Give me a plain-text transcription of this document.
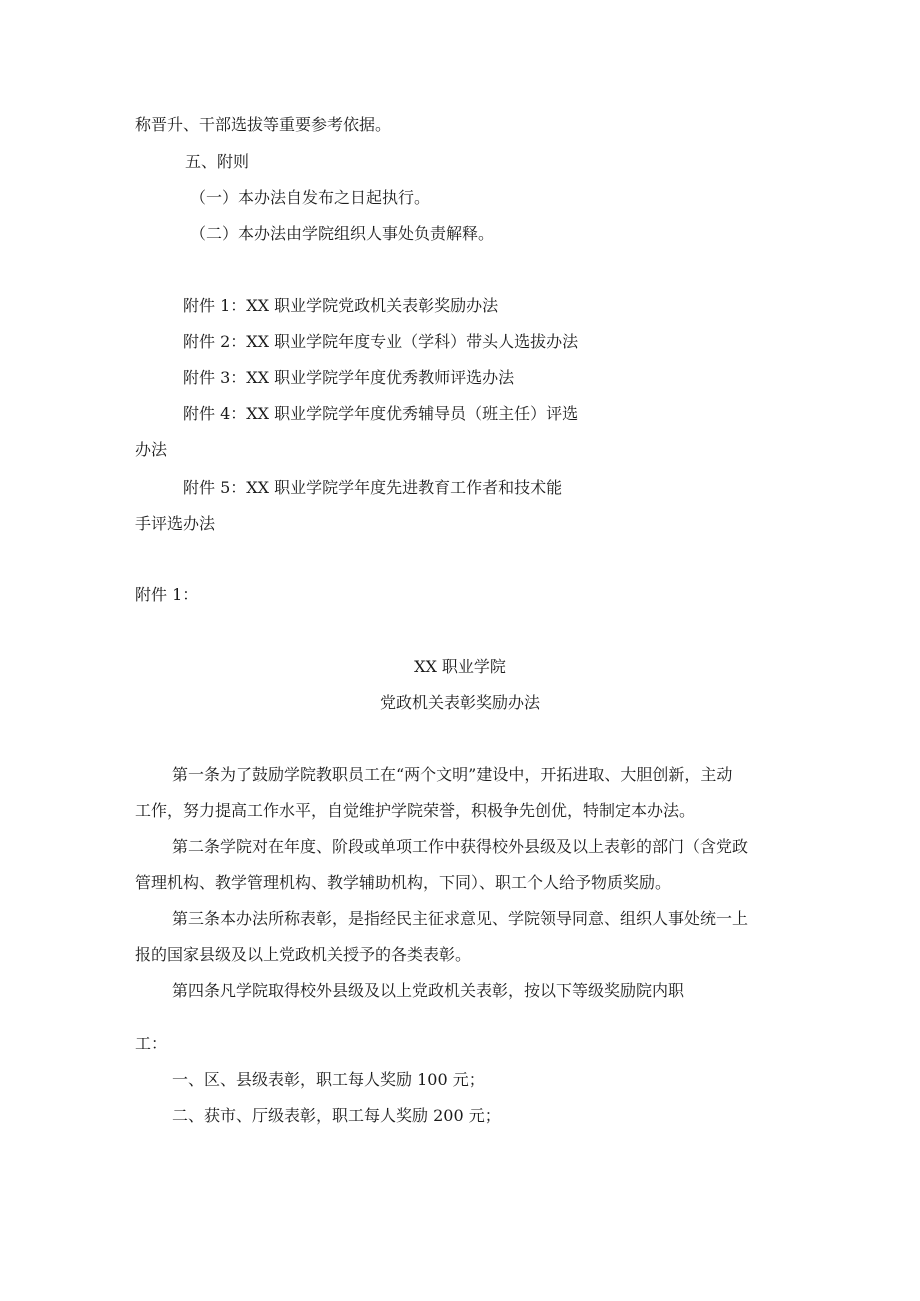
称晋升、干部选拔等重要参考依据。

五、附则

（一）本办法自发布之日起执行。

（二）本办法由学院组织人事处负责解释。

附件 1：XX 职业学院党政机关表彰奖励办法

附件 2：XX 职业学院年度专业（学科）带头人选拔办法

附件 3：XX 职业学院学年度优秀教师评选办法

附件 4：XX 职业学院学年度优秀辅导员（班主任）评选

办法

附件 5：XX 职业学院学年度先进教育工作者和技术能

手评选办法

附件 1：

XX 职业学院

党政机关表彰奖励办法

第一条为了鼓励学院教职员工在“两个文明”建设中，开拓进取、大胆创新，主动

工作，努力提高工作水平，自觉维护学院荣誉，积极争先创优，特制定本办法。

第二条学院对在年度、阶段或单项工作中获得校外县级及以上表彰的部门（含党政

管理机构、教学管理机构、教学辅助机构，下同）、职工个人给予物质奖励。

第三条本办法所称表彰，是指经民主征求意见、学院领导同意、组织人事处统一上

报的国家县级及以上党政机关授予的各类表彰。

第四条凡学院取得校外县级及以上党政机关表彰，按以下等级奖励院内职

工：

一、区、县级表彰，职工每人奖励 100 元；

二、获市、厅级表彰，职工每人奖励 200 元；
